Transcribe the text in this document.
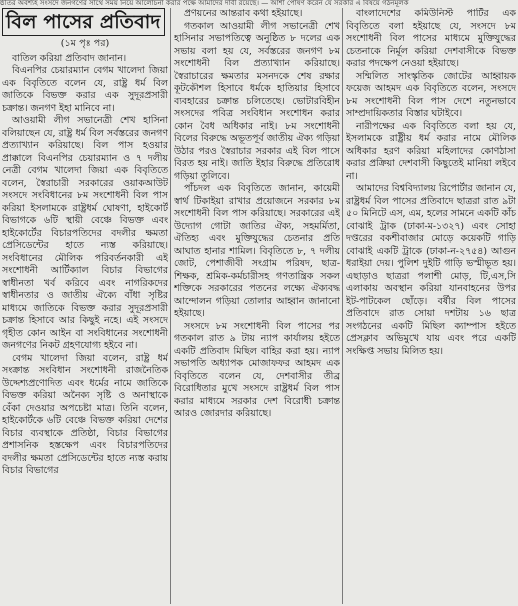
ষ্ঠতির অবশ্যই সংসদে জনগণের সাথে সময় নিয়ে আলোচনা করার পক্ষে আমাদের দাবী রয়েছে। — আশা পোষণ করেন যে সরকার এ বিষয়ে গঠনমূলক
বিল পাসের প্রতিবাদ
(১ম পৃঃ পর)

বাতিল করিয়া প্রতিবাদ জানান।

বিএনপির চেয়ারম্যান বেগম খালেদা জিয়া এক বিবৃতিতে বলেন যে, রাষ্ট্র ধর্ম বিল জাতিকে বিভক্ত করার এক সুদূরপ্রসারী চক্রান্ত। জনগণ ইহা মানিবে না।

আওয়ামী লীগ সভানেত্রী শেখ হাসিনা বলিয়াছেন যে, রাষ্ট্র ধর্ম বিল সর্বস্তরের জনগণ প্রত্যাখ্যান করিয়াছে। বিল পাস হওয়ার প্রাক্কালে বিএনপির চেয়ারম্যান ও ৭ দলীয় নেত্রী বেগম খালেদা জিয়া এক বিবৃতিতে বলেন, স্বৈরাচারী সরকারের ওয়াকআউট সংসদে সংবিধানের ৮ম সংশোধনী বিল পাস করিয়া ইসলামকে রাষ্ট্রধর্ম ঘোষণা, হাইকোর্ট বিভাগকে ৬টি স্থায়ী বেঞ্চে বিভক্ত এবং হাইকোর্টের বিচারপতিদের বদলীর ক্ষমতা প্রেসিডেন্টের হাতে ন্যস্ত করিয়াছে। সংবিধানের মৌলিক পরিবর্তনকারী এই সংশোধনী আর্টিক্যাল বিচার বিভাগের স্বাধীনতা খর্ব করিবে এবং নাগরিকদের স্বাধীনতার ও জাতীয় ঐক্যে বাঁধা সৃষ্টির মাধ্যমে জাতিকে বিভক্ত করার সুদূরপ্রসারী চক্রান্ত হিসাবে আর কিছুই নহে। এই সংসদে গৃহীত কোন আইন বা সংবিধানের সংশোধনী জনগণের নিকট গ্রহণযোগ্য হইবে না।

বেগম খালেদা জিয়া বলেন, রাষ্ট্র ধর্ম সংক্রান্ত সংবিধান সংশোধনী রাজনৈতিক উদ্দেশ্যপ্রণোদিত এবং ধর্মের নামে জাতিকে বিভক্ত করিয়া অনৈক্য সৃষ্টি ও অনাস্থাকে বেঁকা দেওয়ার অপচেষ্টা মাত্র। তিনি বলেন, হাইকোর্টকে ৬টি বেঞ্চে বিভক্ত করিয়া দেশের বিচার ব্যবস্থাকে প্রতিষ্ঠা, বিচার বিভাগের প্রশাসনিক হস্তক্ষেপ এবং বিচারপতিদের বদলীর ক্ষমতা প্রেসিডেন্টের হাতে ন্যস্ত করায় বিচার বিভাগের

প্রণয়নের আন্তরাব কথা হইয়াছে।

গতকাল আওয়ামী লীগ সভানেত্রী শেখ হাসিনার সভাপতিত্বে অনুষ্ঠিত ৮ দলের এক সভায় বলা হয় যে, সর্বস্তরের জনগণ ৮ম সংশোধনী বিল প্রত্যাখ্যান করিয়াছে। স্বৈরাচারের ক্ষমতার মসনদকে শেষ রক্ষার কূটকৌশল হিসাবে ধর্মকে হাতিয়ার হিসাবে ব্যবহারের চক্রান্ত চলিতেছে। ভোটারবিহীন সংসদের পবিত্র সংবিধান সংশোধন করার কোন বৈধ অধিকার নাই। ৮ম সংশোধনী বিলের বিরুদ্ধে অভূতপূর্ব জাতীয় ঐক্য গড়িয়া উঠার পরও স্বৈরাচার সরকার এই বিল পাসে বিরত হয় নাই। জাতি ইহার বিরুদ্ধে প্রতিরোধ গড়িয়া তুলিবে।

পাঁচদল এক বিবৃতিতে জানান, কায়েমী স্বার্থ টিকাইয়া রাখার প্রয়োজনে সরকার ৮ম সংশোধনী বিল পাস করিয়াছে। সরকারের এই উদ্যোগ গোটা জাতির ঐক্য, সহমর্মিতা, ঐতিহ্য এবং মুক্তিযুদ্ধের চেতনার প্রতি আঘাত হানার শামিল। বিবৃতিতে ৮, ৭ দলীয় জোট, পেশাজীবী সংগ্রাম পরিষদ, ছাত্র-শিক্ষক, শ্রমিক-কর্মচারীসহ গণতান্ত্রিক সকল শক্তিকে সরকারের পতনের লক্ষ্যে ঐক্যবদ্ধ আন্দোলন গড়িয়া তোলার আহ্বান জানানো হইয়াছে।

সংসদে ৮ম সংশোধনী বিল পাসের পর গতকাল রাত ৯ টায় ন্যাপ কার্যালয় হইতে একটি প্রতিবাদ মিছিল বাহির করা হয়। ন্যাপ সভাপতি অধ্যাপক মোজাফফর আহমদ এক বিবৃতিতে বলেন যে, দেশবাসীর তীব্র বিরোধিতার মুখে সংসদে রাষ্ট্রধর্ম বিল পাস করার মাধ্যমে সরকার দেশ বিরোধী চক্রান্ত আরও জোরদার করিয়াছে।

বাংলাদেশের কমিউনিস্ট পার্টির এক বিবৃতিতে বলা হইয়াছে যে, সংসদে ৮ম সংশোধনী বিল পাসের মাধ্যমে মুক্তিযুদ্ধের চেতনাকে নির্মূল করিয়া দেশবাসীকে বিভক্ত করার পদক্ষেপ নেওয়া হইয়াছে।

সম্মিলিত সাংস্কৃতিক জোটের আহ্বায়ক ফয়েজ আহমদ এক বিবৃতিতে বলেন, সংসদে ৮ম সংশোধনী বিল পাস দেশে নতুনভাবে সাম্প্রদায়িকতার বিস্তার ঘটাইবে।

নারীপক্ষের এক বিবৃতিতে বলা হয় যে, ইসলামকে রাষ্ট্রীয় ধর্ম করার নামে মৌলিক অধিকার হরণ করিয়া মহিলাদের কোণঠাসা করার প্রক্রিয়া দেশবাসী কিছুতেই মানিয়া লইবে না।

আমাদের বিশ্ববিদ্যালয় রিপোর্টার জানান যে, রাষ্ট্রধর্ম বিল পাসের প্রতিবাদে ছাত্ররা রাত ৯টা ৫০ মিনিটে এস, এম, হলের সামনে একটি কাঁচ বোঝাই ট্রাক (ঢাকা-ম-১৩২৭) এবং সোহা দপ্তরের বকশীবাজার মোড়ে কয়েকটি গাড়ি বোঝাই একটি ট্রাকে (ঢাকা-ন-২৭৫৪) আগুন ধরাইয়া দেয়। পুলিশ দুইটি গাড়ি ভস্মীভূত হয়। এছাড়াও ছাত্ররা পলাশী মোড়, টি,এস,সি এলাকায় অবস্থান করিয়া যানবাহনের উপর ইট-পাটকেল ছোঁড়ে। বর্ষীর বিল পাসের প্রতিবাদে রাত সোয়া দশটায় ১৬ ছাত্র সংগঠনের একটি মিছিল ক্যাম্পাস হইতে প্রেসক্লাব অভিমুখে যায় এবং পরে একটি সংক্ষিপ্ত সভায় মিলিত হয়।
